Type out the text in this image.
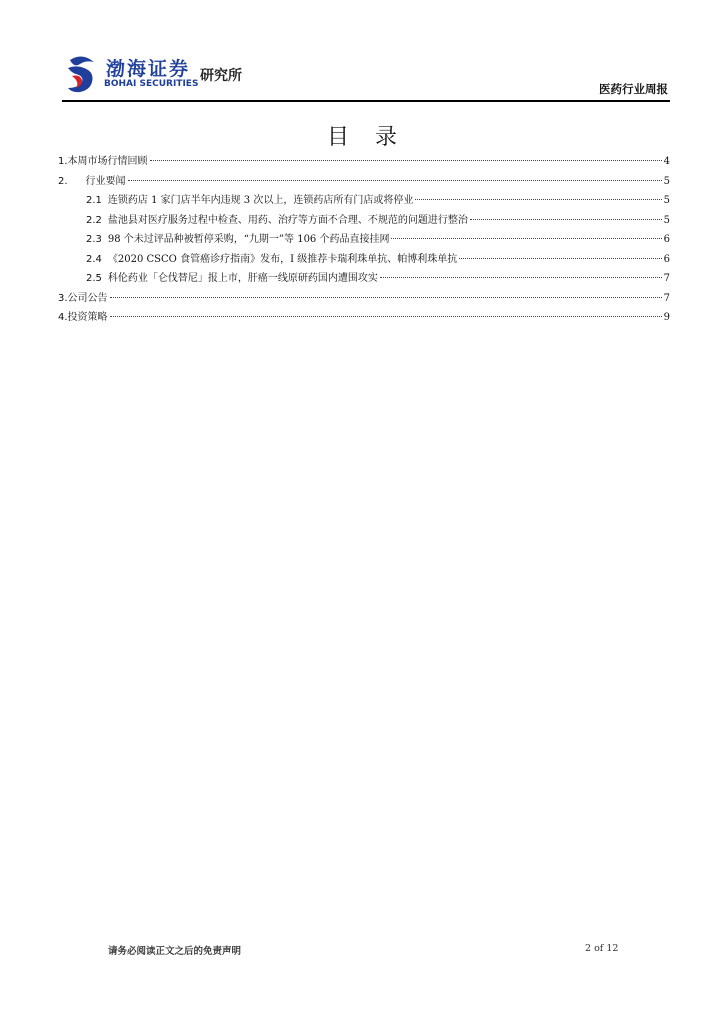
渤海证券
BOHAI SECURITIES 研究所
医药行业周报
目录
1.本周市场行情回顾	4
2. 行业要闻	5
2.1 连锁药店 1 家门店半年内违规 3 次以上，连锁药店所有门店或将停业	5
2.2 盐池县对医疗服务过程中检查、用药、治疗等方面不合理、不规范的问题进行整治	5
2.3 98 个未过评品种被暂停采购，“九期一”等 106 个药品直接挂网	6
2.4 《2020 CSCO 食管癌诊疗指南》发布，I 级推荐卡瑞利珠单抗、帕博利珠单抗	6
2.5 科伦药业「仑伐替尼」报上市，肝癌一线原研药国内遭围攻实	7
3.公司公告	7
4.投资策略	9
请务必阅读正文之后的免责声明	2 of 12
